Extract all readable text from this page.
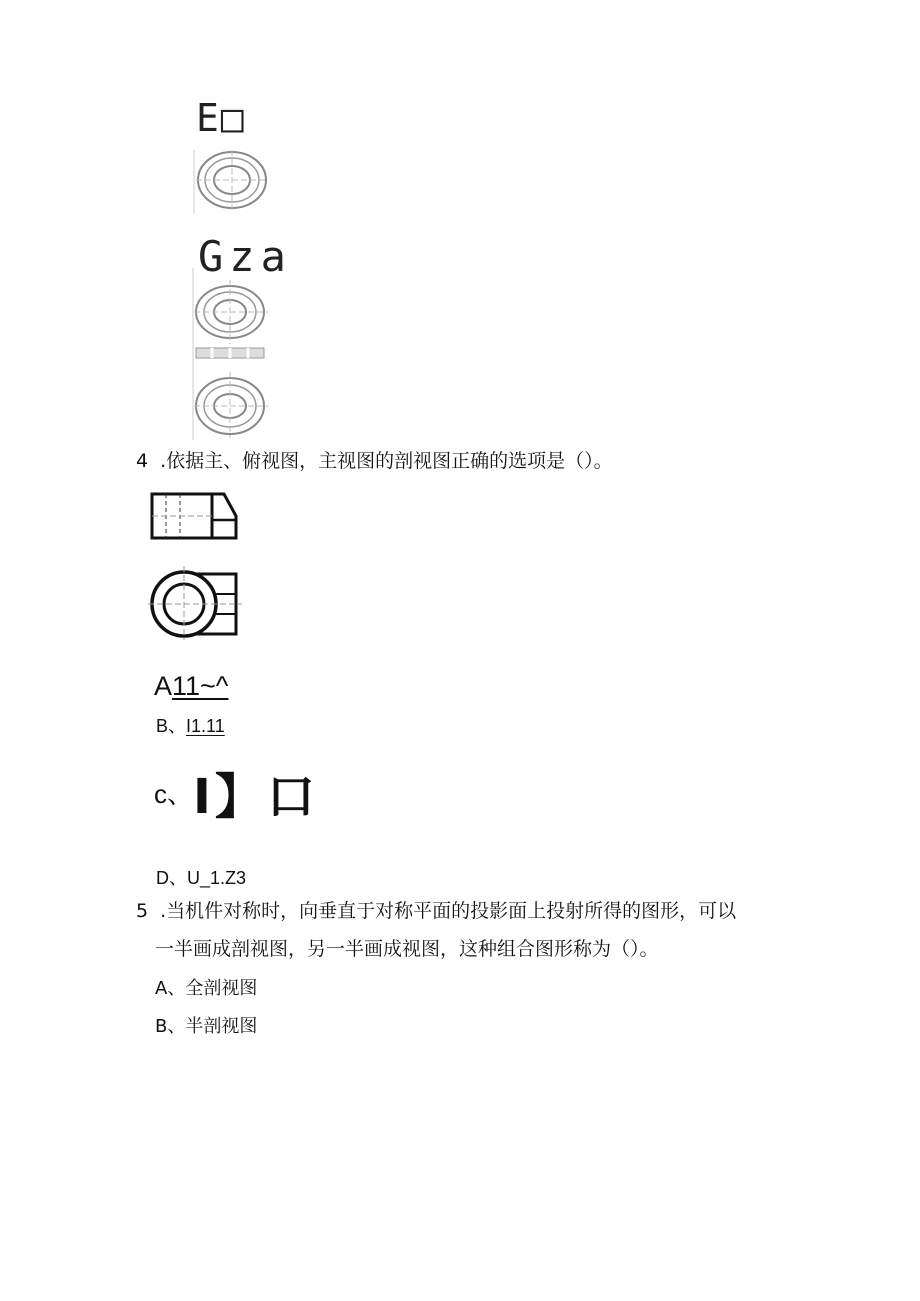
E□
Gza
4 .依据主、俯视图，主视图的剖视图正确的选项是（）。
A11~^
B、I1.11
c、I】口
D、U_1.Z3
5 .当机件对称时，向垂直于对称平面的投影面上投射所得的图形，可以
一半画成剖视图，另一半画成视图，这种组合图形称为（）。
A、全剖视图
B、半剖视图
